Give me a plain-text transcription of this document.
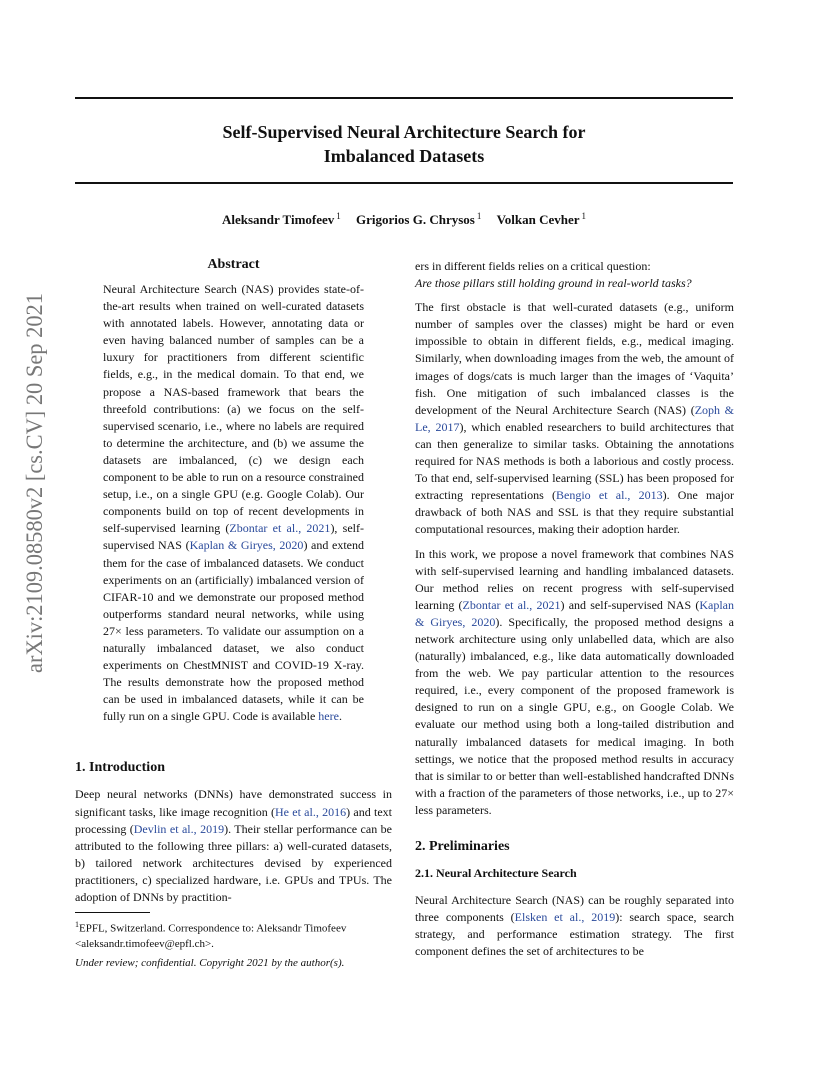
Self-Supervised Neural Architecture Search for
Imbalanced Datasets
Aleksandr Timofeev $^1$ Grigorios G. Chrysos $^1$ Volkan Cevher $^1$
arXiv:2109.08580v2 [cs.CV] 20 Sep 2021
Abstract

Neural Architecture Search (NAS) provides state-of-the-art results when trained on well-curated datasets with annotated labels. However, annotating data or even having balanced number of samples can be a luxury for practitioners from different scientific fields, e.g., in the medical domain. To that end, we propose a NAS-based framework that bears the threefold contributions: (a) we focus on the self-supervised scenario, i.e., where no labels are required to determine the architecture, and (b) we assume the datasets are imbalanced, (c) we design each component to be able to run on a resource constrained setup, i.e., on a single GPU (e.g. Google Colab). Our components build on top of recent developments in self-supervised learning (Zbontar et al., 2021), self-supervised NAS (Kaplan & Giryes, 2020) and extend them for the case of imbalanced datasets. We conduct experiments on an (artificially) imbalanced version of CIFAR-10 and we demonstrate our proposed method outperforms standard neural networks, while using 27× less parameters. To validate our assumption on a naturally imbalanced dataset, we also conduct experiments on ChestMNIST and COVID-19 X-ray. The results demonstrate how the proposed method can be used in imbalanced datasets, while it can be fully run on a single GPU. Code is available here.

1. Introduction

Deep neural networks (DNNs) have demonstrated success in significant tasks, like image recognition (He et al., 2016) and text processing (Devlin et al., 2019). Their stellar performance can be attributed to the following three pillars: a) well-curated datasets, b) tailored network architectures devised by experienced practitioners, c) specialized hardware, i.e. GPUs and TPUs. The adoption of DNNs by practition-

$^1$EPFL, Switzerland. Correspondence to: Aleksandr Timofeev <aleksandr.timofeev@epfl.ch>.
Under review; confidential. Copyright 2021 by the author(s).

ers in different fields relies on a critical question:
Are those pillars still holding ground in real-world tasks?

The first obstacle is that well-curated datasets (e.g., uniform number of samples over the classes) might be hard or even impossible to obtain in different fields, e.g., medical imaging. Similarly, when downloading images from the web, the amount of images of dogs/cats is much larger than the images of ‘Vaquita’ fish. One mitigation of such imbalanced classes is the development of the Neural Architecture Search (NAS) (Zoph & Le, 2017), which enabled researchers to build architectures that can then generalize to similar tasks. Obtaining the annotations required for NAS methods is both a laborious and costly process. To that end, self-supervised learning (SSL) has been proposed for extracting representations (Bengio et al., 2013). One major drawback of both NAS and SSL is that they require substantial computational resources, making their adoption harder.

In this work, we propose a novel framework that combines NAS with self-supervised learning and handling imbalanced datasets. Our method relies on recent progress with self-supervised learning (Zbontar et al., 2021) and self-supervised NAS (Kaplan & Giryes, 2020). Specifically, the proposed method designs a network architecture using only unlabelled data, which are also (naturally) imbalanced, e.g., like data automatically downloaded from the web. We pay particular attention to the resources required, i.e., every component of the proposed framework is designed to run on a single GPU, e.g., on Google Colab. We evaluate our method using both a long-tailed distribution and naturally imbalanced datasets for medical imaging. In both settings, we notice that the proposed method results in accuracy that is similar to or better than well-established handcrafted DNNs with a fraction of the parameters of those networks, i.e., up to 27× less parameters.

2. Preliminaries
2.1. Neural Architecture Search

Neural Architecture Search (NAS) can be roughly separated into three components (Elsken et al., 2019): search space, search strategy, and performance estimation strategy. The first component defines the set of architectures to be
